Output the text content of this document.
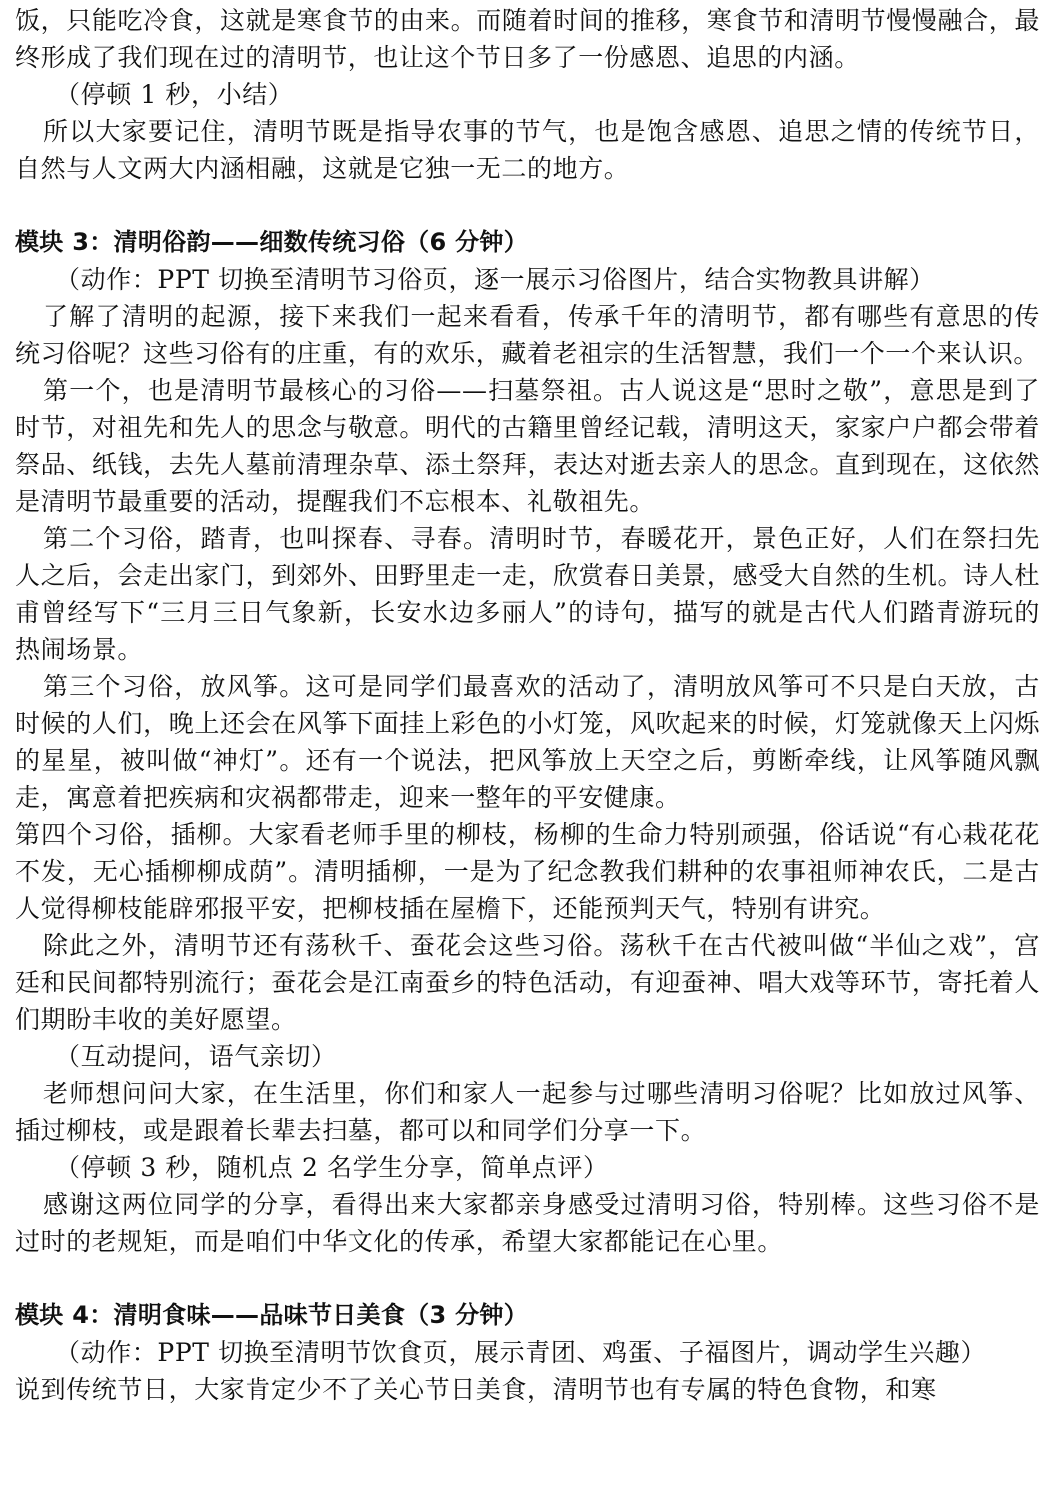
饭，只能吃冷食，这就是寒食节的由来。而随着时间的推移，寒食节和清明节慢慢融合，最终形成了我们现在过的清明节，也让这个节日多了一份感恩、追思的内涵。

（停顿 1 秒，小结）

所以大家要记住，清明节既是指导农事的节气，也是饱含感恩、追思之情的传统节日，自然与人文两大内涵相融，这就是它独一无二的地方。

模块 3：清明俗韵——细数传统习俗（6 分钟）

（动作：PPT 切换至清明节习俗页，逐一展示习俗图片，结合实物教具讲解）

了解了清明的起源，接下来我们一起来看看，传承千年的清明节，都有哪些有意思的传统习俗呢？这些习俗有的庄重，有的欢乐，藏着老祖宗的生活智慧，我们一个一个来认识。

第一个，也是清明节最核心的习俗——扫墓祭祖。古人说这是“思时之敬”，意思是到了时节，对祖先和先人的思念与敬意。明代的古籍里曾经记载，清明这天，家家户户都会带着祭品、纸钱，去先人墓前清理杂草、添土祭拜，表达对逝去亲人的思念。直到现在，这依然是清明节最重要的活动，提醒我们不忘根本、礼敬祖先。

第二个习俗，踏青，也叫探春、寻春。清明时节，春暖花开，景色正好，人们在祭扫先人之后，会走出家门，到郊外、田野里走一走，欣赏春日美景，感受大自然的生机。诗人杜甫曾经写下“三月三日气象新，长安水边多丽人”的诗句，描写的就是古代人们踏青游玩的热闹场景。

第三个习俗，放风筝。这可是同学们最喜欢的活动了，清明放风筝可不只是白天放，古时候的人们，晚上还会在风筝下面挂上彩色的小灯笼，风吹起来的时候，灯笼就像天上闪烁的星星，被叫做“神灯”。还有一个说法，把风筝放上天空之后，剪断牵线，让风筝随风飘走，寓意着把疾病和灾祸都带走，迎来一整年的平安健康。

第四个习俗，插柳。大家看老师手里的柳枝，杨柳的生命力特别顽强，俗话说“有心栽花花不发，无心插柳柳成荫”。清明插柳，一是为了纪念教我们耕种的农事祖师神农氏，二是古人觉得柳枝能辟邪报平安，把柳枝插在屋檐下，还能预判天气，特别有讲究。

除此之外，清明节还有荡秋千、蚕花会这些习俗。荡秋千在古代被叫做“半仙之戏”，宫廷和民间都特别流行；蚕花会是江南蚕乡的特色活动，有迎蚕神、唱大戏等环节，寄托着人们期盼丰收的美好愿望。

（互动提问，语气亲切）

老师想问问大家，在生活里，你们和家人一起参与过哪些清明习俗呢？比如放过风筝、插过柳枝，或是跟着长辈去扫墓，都可以和同学们分享一下。

（停顿 3 秒，随机点 2 名学生分享，简单点评）

感谢这两位同学的分享，看得出来大家都亲身感受过清明习俗，特别棒。这些习俗不是过时的老规矩，而是咱们中华文化的传承，希望大家都能记在心里。

模块 4：清明食味——品味节日美食（3 分钟）

（动作：PPT 切换至清明节饮食页，展示青团、鸡蛋、子福图片，调动学生兴趣）

说到传统节日，大家肯定少不了关心节日美食，清明节也有专属的特色食物，和寒
